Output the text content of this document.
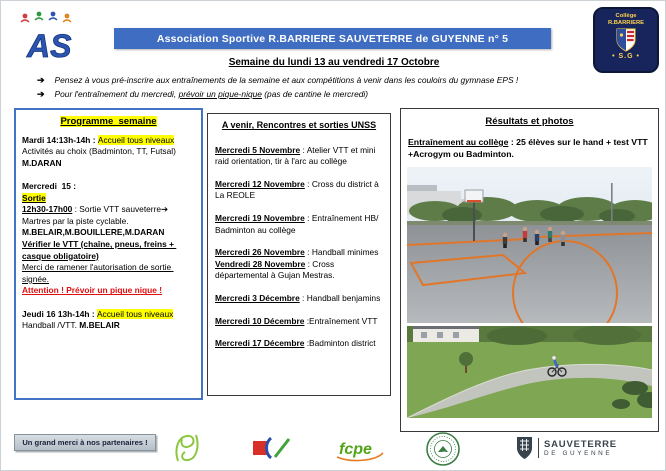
AS	Association Sportive R.BARRIERE SAUVETERRE de GUYENNE n° 5
Collège R.BARRIERE
• S.G •
Semaine du lundi 13 au vendredi 17 Octobre
➔ Pensez à vous pré-inscrire aux entraînements de la semaine et aux compétitions à venir dans les couloirs du gymnase EPS !
➔ Pour l'entraînement du mercredi, prévoir un pique-nique (pas de cantine le mercredi)
Programme  semaine
Mardi 14:13h-14h : Accueil tous niveaux
Activités au choix (Badminton, TT, Futsal)
M.DARAN

Mercredi  15 :
Sortie
12h30-17h00 : Sortie VTT sauveterre➔
Martres par la piste cyclable.
M.BELAIR,M.BOUILLERE,M.DARAN
Vérifier le VTT (chaîne, pneus, freins + casque obligatoire)
Merci de ramener l'autorisation de sortie signée.
Attention ! Prévoir un pique nique !

Jeudi 16 13h-14h : Accueil tous niveaux
Handball /VTT. M.BELAIR
A venir, Rencontres et sorties UNSS
Mercredi 5 Novembre : Atelier VTT et mini raid orientation, tir à l'arc au collège
Mercredi 12 Novembre : Cross du district à La REOLE
Mercredi 19 Novembre : Entraînement HB/ Badminton au collège
Mercredi 26 Novembre : Handball minimes
Vendredi 28 Novembre : Cross départemental à Gujan Mestras.
Mercredi 3 Décembre : Handball benjamins
Mercredi 10 Décembre :Entraînement VTT
Mercredi 17 Décembre :Badminton district
Résultats et photos
Entraînement au collège : 25 élèves sur le hand + test VTT +Acrogym ou Badminton.
Un grand merci à nos partenaires !	fcpe	SAUVETERRE
DE GUYENNE
